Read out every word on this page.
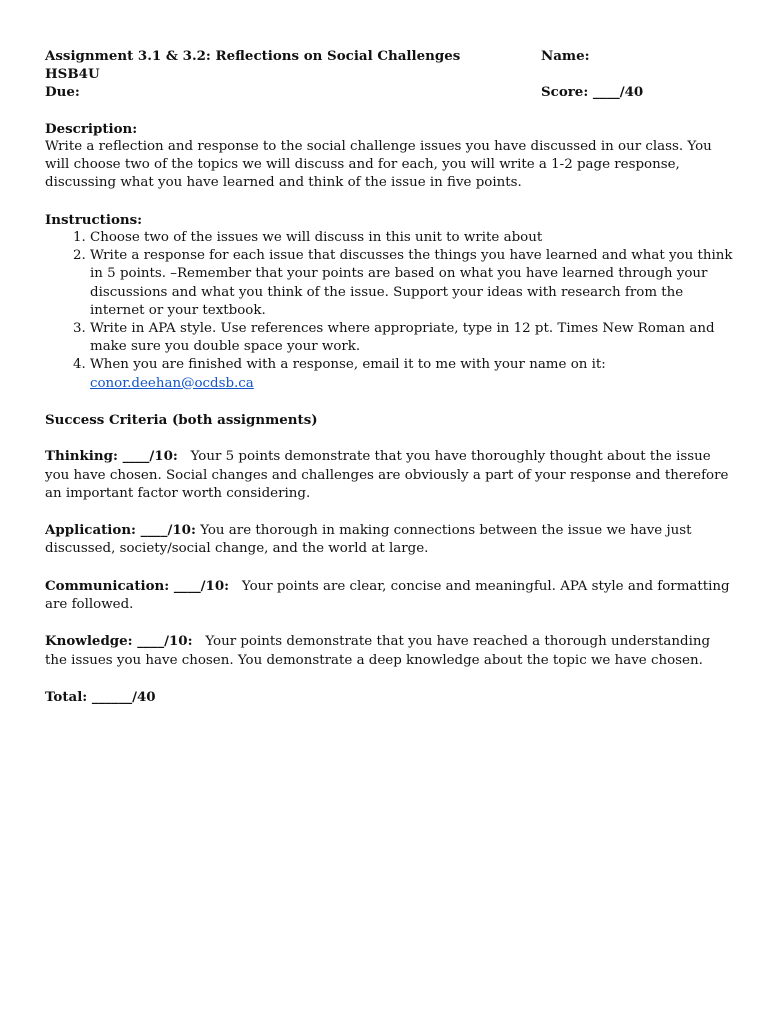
Assignment 3.1 & 3.2: Reflections on Social Challenges	Name:
HSB4U
Due:	Score: ____/40
Description:

Write a reflection and response to the social challenge issues you have discussed in our class. You will choose two of the topics we will discuss and for each, you will write a 1-2 page response, discussing what you have learned and think of the issue in five points.

Instructions:
1. Choose two of the issues we will discuss in this unit to write about
2. Write a response for each issue that discusses the things you have learned and what you think in 5 points. –Remember that your points are based on what you have learned through your discussions and what you think of the issue. Support your ideas with research from the internet or your textbook.
3. Write in APA style. Use references where appropriate, type in 12 pt. Times New Roman and make sure you double space your work.
4. When you are finished with a response, email it to me with your name on it:
conor.deehan@ocdsb.ca
Success Criteria (both assignments)

Thinking: ____/10: Your 5 points demonstrate that you have thoroughly thought about the issue you have chosen. Social changes and challenges are obviously a part of your response and therefore an important factor worth considering.

Application: ____/10: You are thorough in making connections between the issue we have just discussed, society/social change, and the world at large.

Communication: ____/10: Your points are clear, concise and meaningful. APA style and formatting are followed.

Knowledge: ____/10: Your points demonstrate that you have reached a thorough understanding the issues you have chosen. You demonstrate a deep knowledge about the topic we have chosen.

Total: ______/40
